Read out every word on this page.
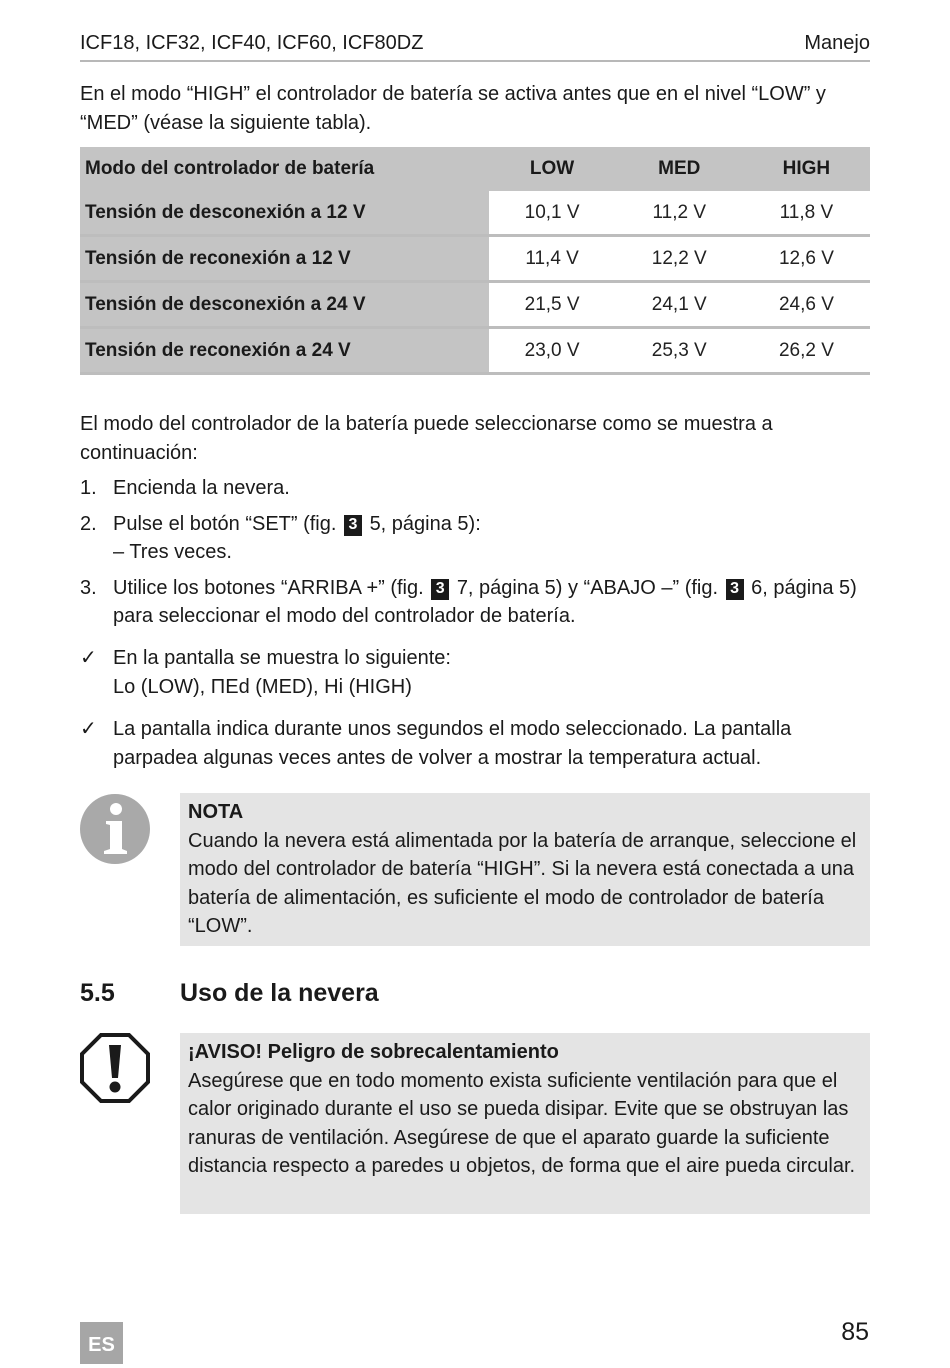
ICF18, ICF32, ICF40, ICF60, ICF80DZ	Manejo

En el modo “HIGH” el controlador de batería se activa antes que en el nivel “LOW” y “MED” (véase la siguiente tabla).

Modo del controlador de batería	LOW	MED	HIGH
Tensión de desconexión a 12 V	10,1 V	11,2 V	11,8 V
Tensión de reconexión a 12 V	11,4 V	12,2 V	12,6 V
Tensión de desconexión a 24 V	21,5 V	24,1 V	24,6 V
Tensión de reconexión a 24 V	23,0 V	25,3 V	26,2 V

El modo del controlador de la batería puede seleccionarse como se muestra a continuación:

1. Encienda la nevera.
2. Pulse el botón “SET” (fig. 3 5, página 5):
– Tres veces.
3. Utilice los botones “ARRIBA +” (fig. 3 7, página 5) y “ABAJO –” (fig. 3 6, página 5) para seleccionar el modo del controlador de batería.
✓ En la pantalla se muestra lo siguiente:
Lo (LOW), ΠEd (MED), Hi (HIGH)
✓ La pantalla indica durante unos segundos el modo seleccionado. La pantalla parpadea algunas veces antes de volver a mostrar la temperatura actual.
NOTA
Cuando la nevera está alimentada por la batería de arranque, seleccione el modo del controlador de batería “HIGH”. Si la nevera está conectada a una batería de alimentación, es suficiente el modo de controlador de batería “LOW”.
5.5	Uso de la nevera
¡AVISO! Peligro de sobrecalentamiento
Asegúrese que en todo momento exista suficiente ventilación para que el calor originado durante el uso se pueda disipar. Evite que se obstruyan las ranuras de ventilación. Asegúrese de que el aparato guarde la suficiente distancia respecto a paredes u objetos, de forma que el aire pueda circular.
ES	85
